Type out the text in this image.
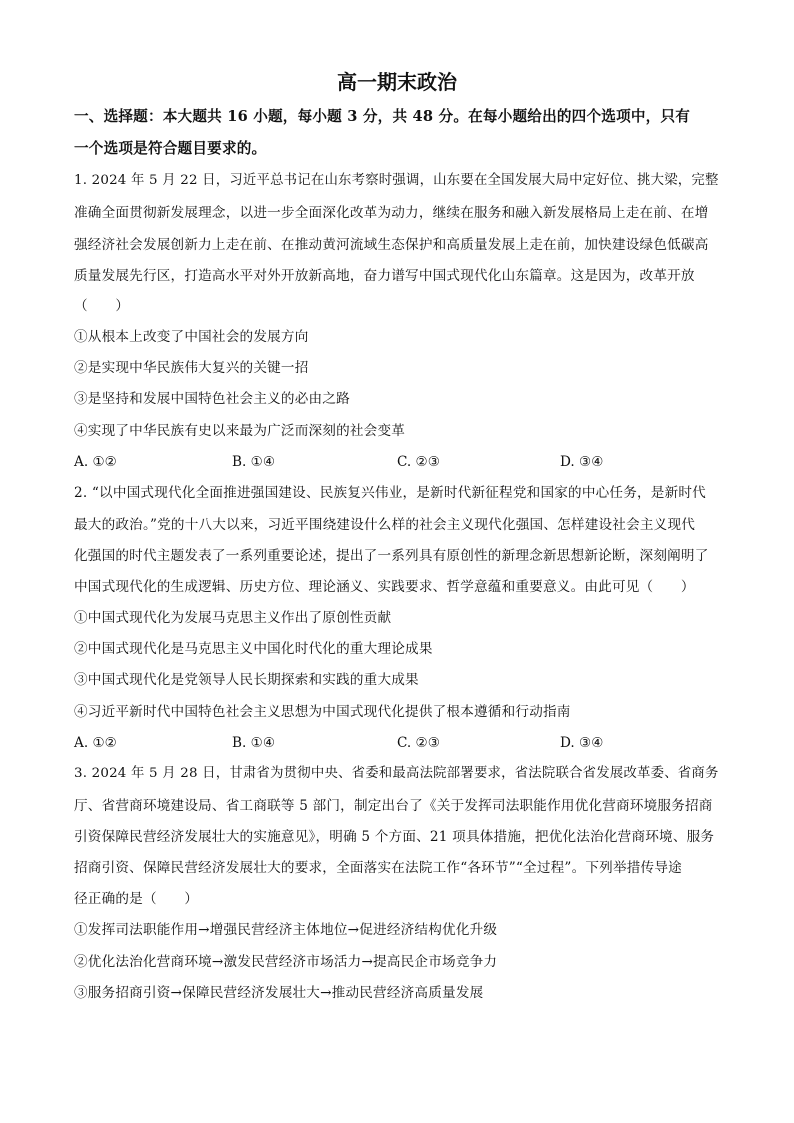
高一期末政治
一、选择题：本大题共 16 小题，每小题 3 分，共 48 分。在每小题给出的四个选项中，只有
一个选项是符合题目要求的。
1. 2024 年 5 月 22 日，习近平总书记在山东考察时强调，山东要在全国发展大局中定好位、挑大梁，完整
准确全面贯彻新发展理念，以进一步全面深化改革为动力，继续在服务和融入新发展格局上走在前、在增
强经济社会发展创新力上走在前、在推动黄河流域生态保护和高质量发展上走在前，加快建设绿色低碳高
质量发展先行区，打造高水平对外开放新高地，奋力谱写中国式现代化山东篇章。这是因为，改革开放
（　　）
①从根本上改变了中国社会的发展方向
②是实现中华民族伟大复兴的关键一招
③是坚持和发展中国特色社会主义的必由之路
④实现了中华民族有史以来最为广泛而深刻的社会变革
A. ①②	B. ①④	C. ②③	D. ③④
2. “以中国式现代化全面推进强国建设、民族复兴伟业，是新时代新征程党和国家的中心任务，是新时代
最大的政治。”党的十八大以来，习近平围绕建设什么样的社会主义现代化强国、怎样建设社会主义现代
化强国的时代主题发表了一系列重要论述，提出了一系列具有原创性的新理念新思想新论断，深刻阐明了
中国式现代化的生成逻辑、历史方位、理论涵义、实践要求、哲学意蕴和重要意义。由此可见（　　）
①中国式现代化为发展马克思主义作出了原创性贡献
②中国式现代化是马克思主义中国化时代化的重大理论成果
③中国式现代化是党领导人民长期探索和实践的重大成果
④习近平新时代中国特色社会主义思想为中国式现代化提供了根本遵循和行动指南
A. ①②	B. ①④	C. ②③	D. ③④
3. 2024 年 5 月 28 日，甘肃省为贯彻中央、省委和最高法院部署要求，省法院联合省发展改革委、省商务
厅、省营商环境建设局、省工商联等 5 部门，制定出台了《关于发挥司法职能作用优化营商环境服务招商
引资保障民营经济发展壮大的实施意见》，明确 5 个方面、21 项具体措施，把优化法治化营商环境、服务
招商引资、保障民营经济发展壮大的要求，全面落实在法院工作“各环节”“全过程”。下列举措传导途
径正确的是（　　）
①发挥司法职能作用→增强民营经济主体地位→促进经济结构优化升级
②优化法治化营商环境→激发民营经济市场活力→提高民企市场竞争力
③服务招商引资→保障民营经济发展壮大→推动民营经济高质量发展
